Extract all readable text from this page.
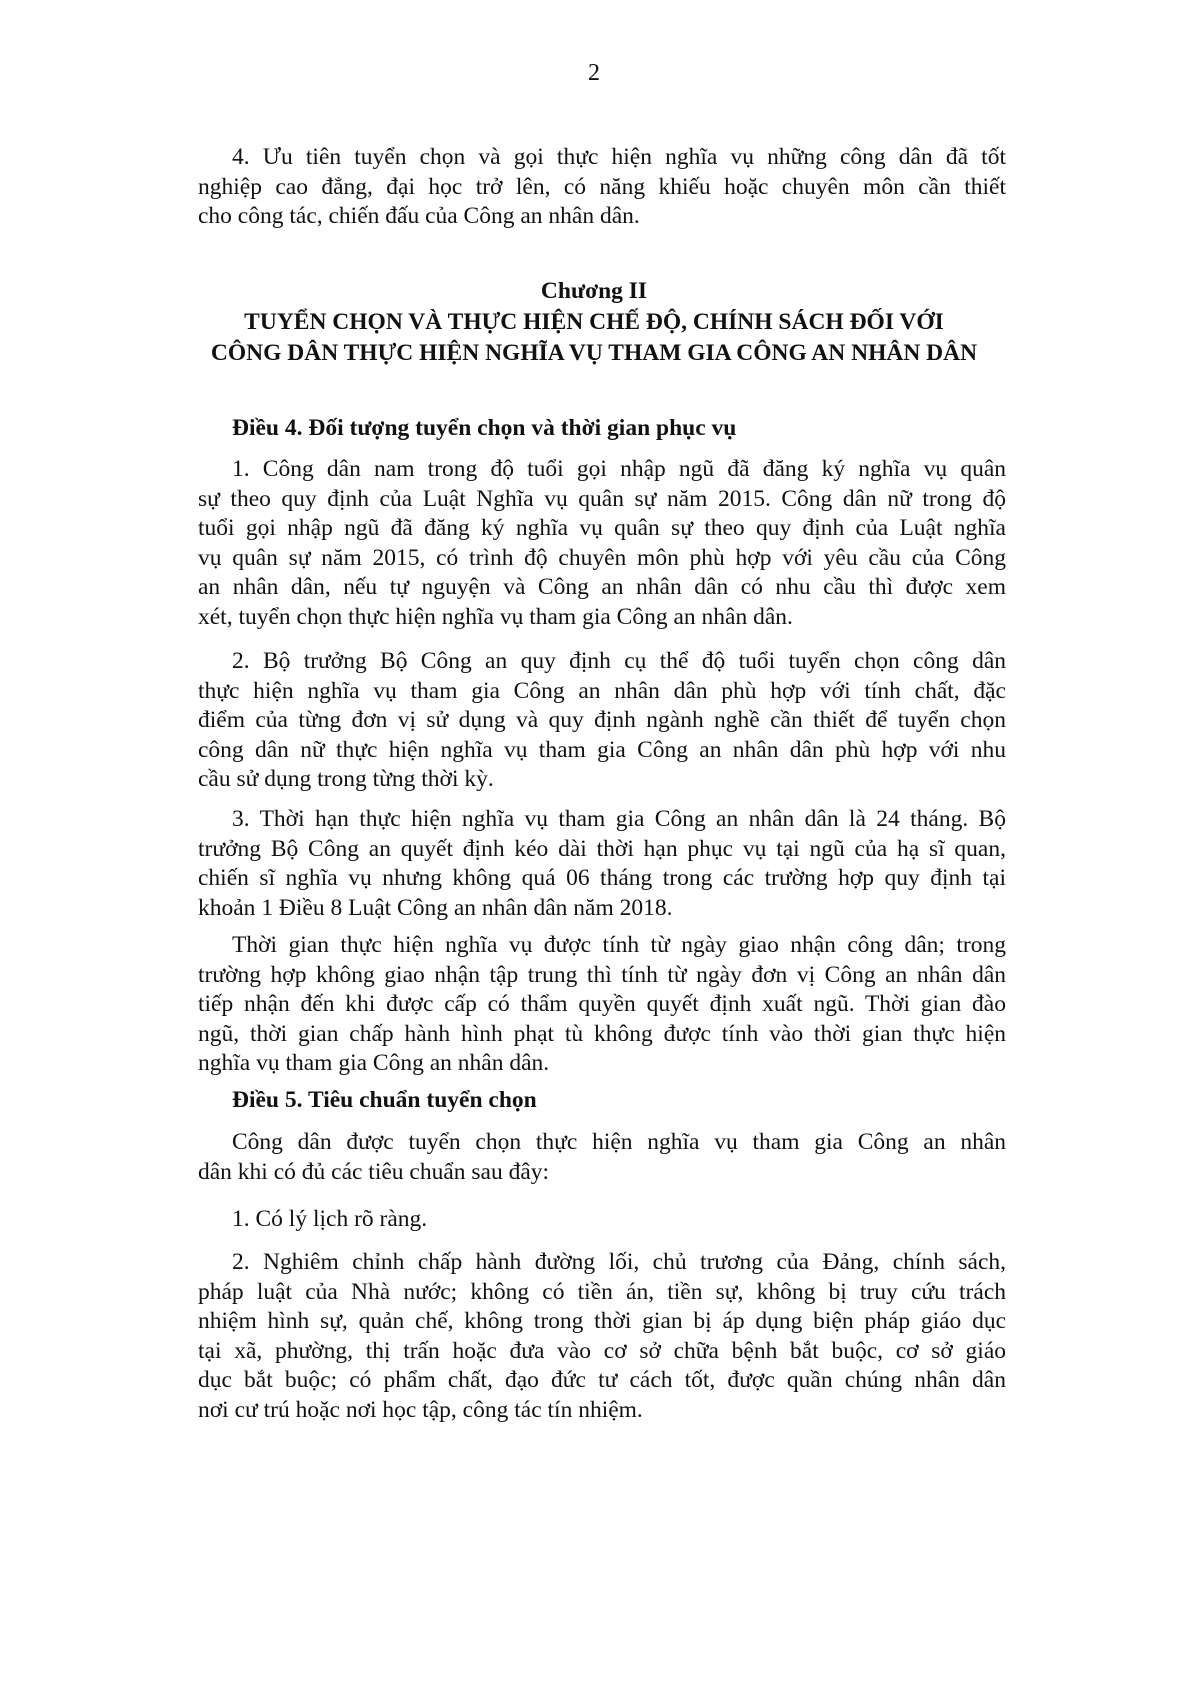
2
4. Ưu tiên tuyển chọn và gọi thực hiện nghĩa vụ những công dân đã tốt
nghiệp cao đẳng, đại học trở lên, có năng khiếu hoặc chuyên môn cần thiết
cho công tác, chiến đấu của Công an nhân dân.
Chương II
TUYỂN CHỌN VÀ THỰC HIỆN CHẾ ĐỘ, CHÍNH SÁCH ĐỐI VỚI
CÔNG DÂN THỰC HIỆN NGHĨA VỤ THAM GIA CÔNG AN NHÂN DÂN
Điều 4. Đối tượng tuyển chọn và thời gian phục vụ
1. Công dân nam trong độ tuổi gọi nhập ngũ đã đăng ký nghĩa vụ quân
sự theo quy định của Luật Nghĩa vụ quân sự năm 2015. Công dân nữ trong độ
tuổi gọi nhập ngũ đã đăng ký nghĩa vụ quân sự theo quy định của Luật nghĩa
vụ quân sự năm 2015, có trình độ chuyên môn phù hợp với yêu cầu của Công
an nhân dân, nếu tự nguyện và Công an nhân dân có nhu cầu thì được xem
xét, tuyển chọn thực hiện nghĩa vụ tham gia Công an nhân dân.
2. Bộ trưởng Bộ Công an quy định cụ thể độ tuổi tuyển chọn công dân
thực hiện nghĩa vụ tham gia Công an nhân dân phù hợp với tính chất, đặc
điểm của từng đơn vị sử dụng và quy định ngành nghề cần thiết để tuyển chọn
công dân nữ thực hiện nghĩa vụ tham gia Công an nhân dân phù hợp với nhu
cầu sử dụng trong từng thời kỳ.
3. Thời hạn thực hiện nghĩa vụ tham gia Công an nhân dân là 24 tháng. Bộ
trưởng Bộ Công an quyết định kéo dài thời hạn phục vụ tại ngũ của hạ sĩ quan,
chiến sĩ nghĩa vụ nhưng không quá 06 tháng trong các trường hợp quy định tại
khoản 1 Điều 8 Luật Công an nhân dân năm 2018.
Thời gian thực hiện nghĩa vụ được tính từ ngày giao nhận công dân; trong
trường hợp không giao nhận tập trung thì tính từ ngày đơn vị Công an nhân dân
tiếp nhận đến khi được cấp có thẩm quyền quyết định xuất ngũ. Thời gian đào
ngũ, thời gian chấp hành hình phạt tù không được tính vào thời gian thực hiện
nghĩa vụ tham gia Công an nhân dân.
Điều 5. Tiêu chuẩn tuyển chọn
Công dân được tuyển chọn thực hiện nghĩa vụ tham gia Công an nhân
dân khi có đủ các tiêu chuẩn sau đây:
1. Có lý lịch rõ ràng.
2. Nghiêm chỉnh chấp hành đường lối, chủ trương của Đảng, chính sách,
pháp luật của Nhà nước; không có tiền án, tiền sự, không bị truy cứu trách
nhiệm hình sự, quản chế, không trong thời gian bị áp dụng biện pháp giáo dục
tại xã, phường, thị trấn hoặc đưa vào cơ sở chữa bệnh bắt buộc, cơ sở giáo
dục bắt buộc; có phẩm chất, đạo đức tư cách tốt, được quần chúng nhân dân
nơi cư trú hoặc nơi học tập, công tác tín nhiệm.
